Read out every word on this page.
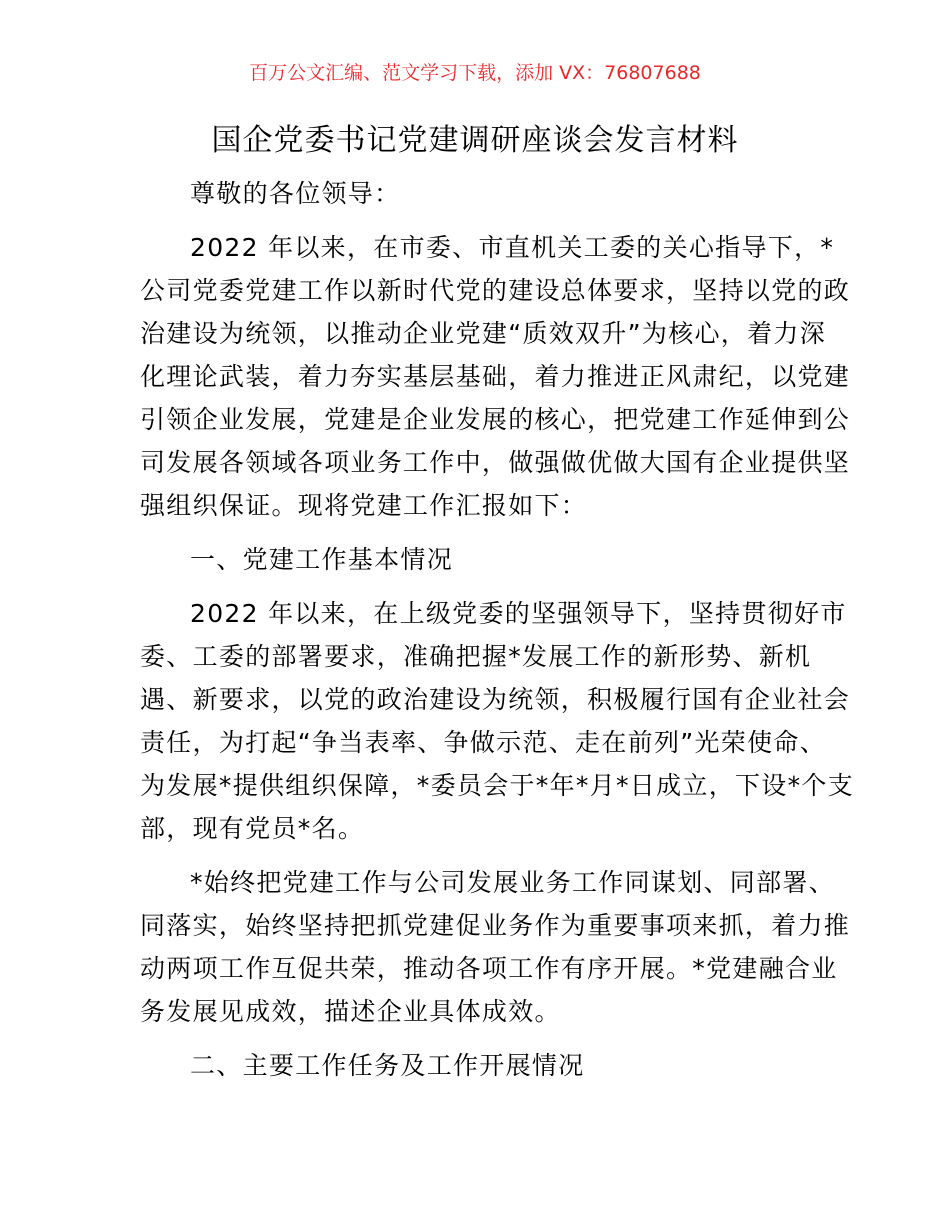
百万公文汇编、范文学习下载，添加 VX：76807688
国企党委书记党建调研座谈会发言材料
尊敬的各位领导：
2022 年以来，在市委、市直机关工委的关心指导下，*
公司党委党建工作以新时代党的建设总体要求，坚持以党的政
治建设为统领，以推动企业党建“质效双升”为核心，着力深
化理论武装，着力夯实基层基础，着力推进正风肃纪，以党建
引领企业发展，党建是企业发展的核心，把党建工作延伸到公
司发展各领域各项业务工作中，做强做优做大国有企业提供坚
强组织保证。现将党建工作汇报如下：
一、党建工作基本情况
2022 年以来，在上级党委的坚强领导下，坚持贯彻好市
委、工委的部署要求，准确把握*发展工作的新形势、新机
遇、新要求，以党的政治建设为统领，积极履行国有企业社会
责任，为打起“争当表率、争做示范、走在前列”光荣使命、
为发展*提供组织保障，*委员会于*年*月*日成立，下设*个支
部，现有党员*名。
*始终把党建工作与公司发展业务工作同谋划、同部署、
同落实，始终坚持把抓党建促业务作为重要事项来抓，着力推
动两项工作互促共荣，推动各项工作有序开展。*党建融合业
务发展见成效，描述企业具体成效。
二、主要工作任务及工作开展情况
